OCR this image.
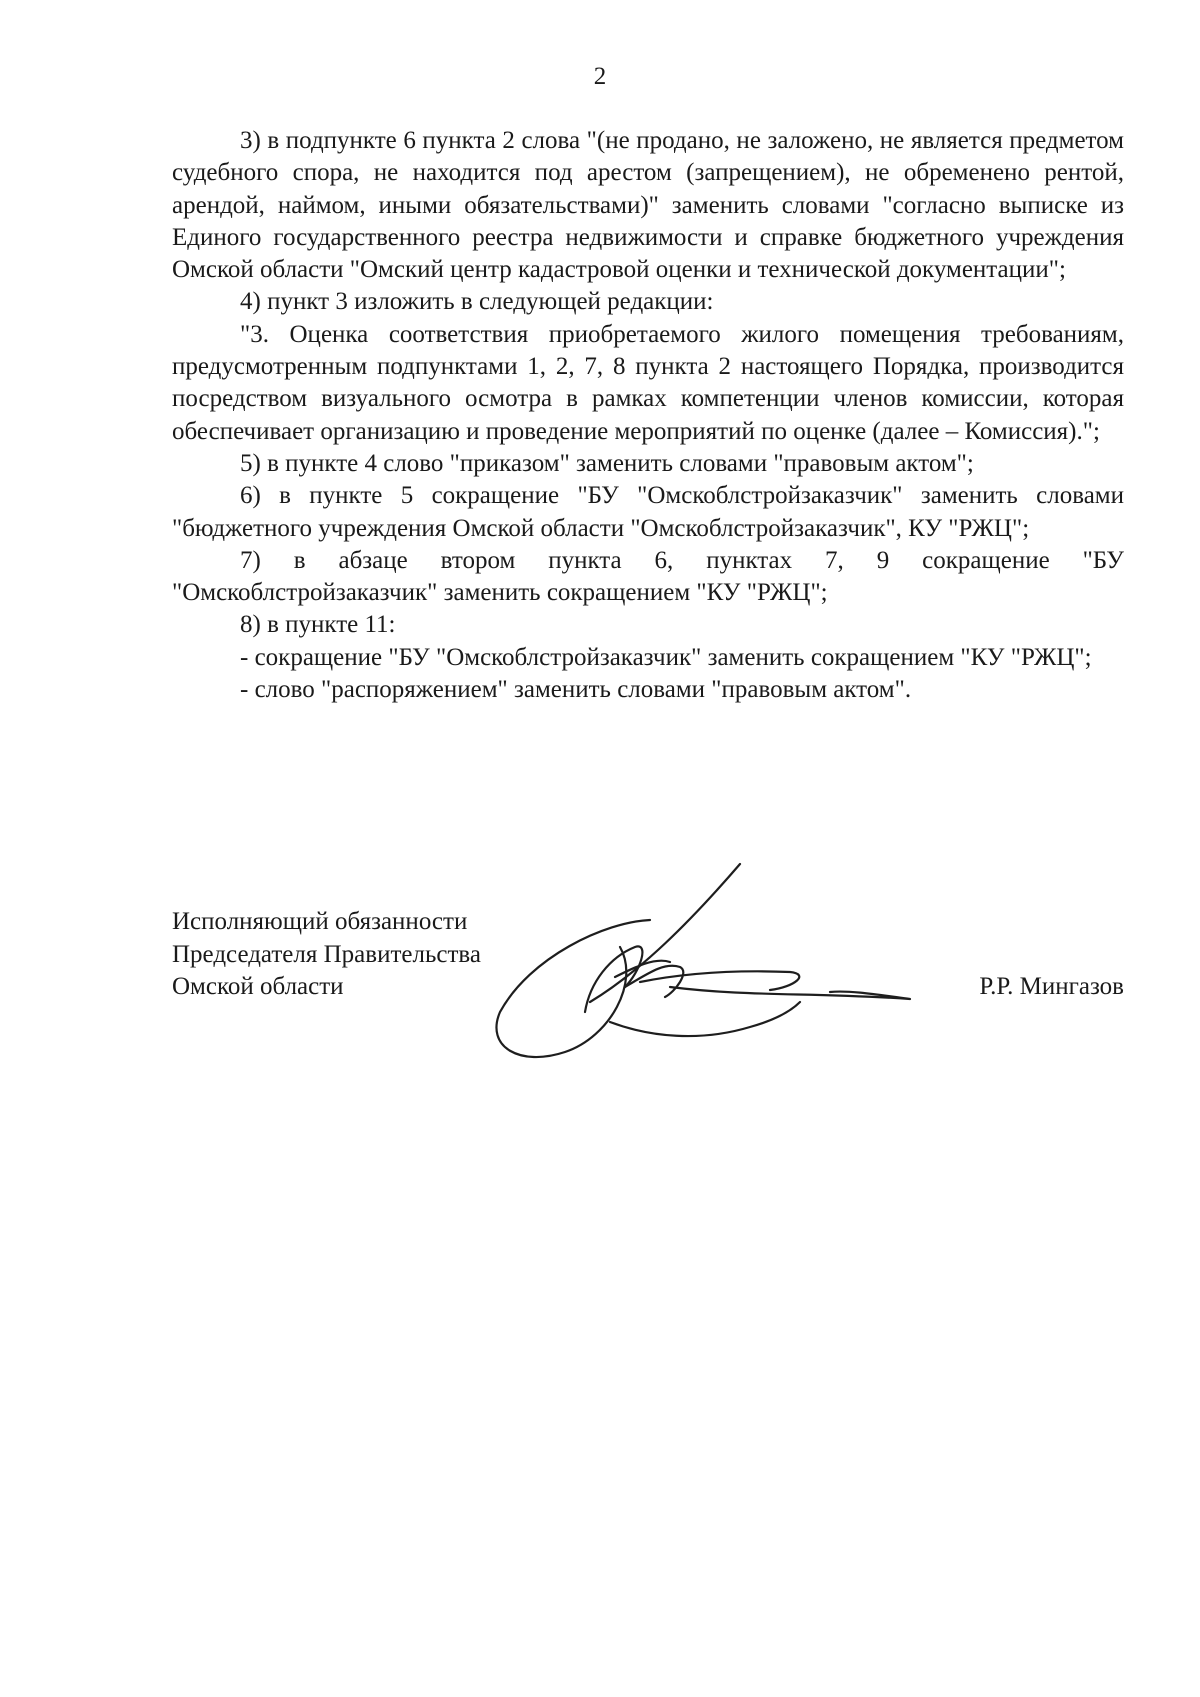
2

3) в подпункте 6 пункта 2 слова "(не продано, не заложено, не является предметом судебного спора, не находится под арестом (запрещением), не обременено рентой, арендой, наймом, иными обязательствами)" заменить словами "согласно выписке из Единого государственного реестра недвижимости и справке бюджетного учреждения Омской области "Омский центр кадастровой оценки и технической документации";

4) пункт 3 изложить в следующей редакции:

"3. Оценка соответствия приобретаемого жилого помещения требованиям, предусмотренным подпунктами 1, 2, 7, 8 пункта 2 настоящего Порядка, производится посредством визуального осмотра в рамках компетенции членов комиссии, которая обеспечивает организацию и проведение мероприятий по оценке (далее – Комиссия).";

5) в пункте 4 слово "приказом" заменить словами "правовым актом";

6) в пункте 5 сокращение "БУ "Омскоблстройзаказчик" заменить словами "бюджетного учреждения Омской области "Омскоблстройзаказчик", КУ "РЖЦ";

7) в абзаце втором пункта 6, пунктах 7, 9 сокращение "БУ "Омскоблстройзаказчик" заменить сокращением "КУ "РЖЦ";

8) в пункте 11:

- сокращение "БУ "Омскоблстройзаказчик" заменить сокращением "КУ "РЖЦ";

- слово "распоряжением" заменить словами "правовым актом".

Исполняющий обязанности
Председателя Правительства
Омской области	Р.Р. Мингазов
